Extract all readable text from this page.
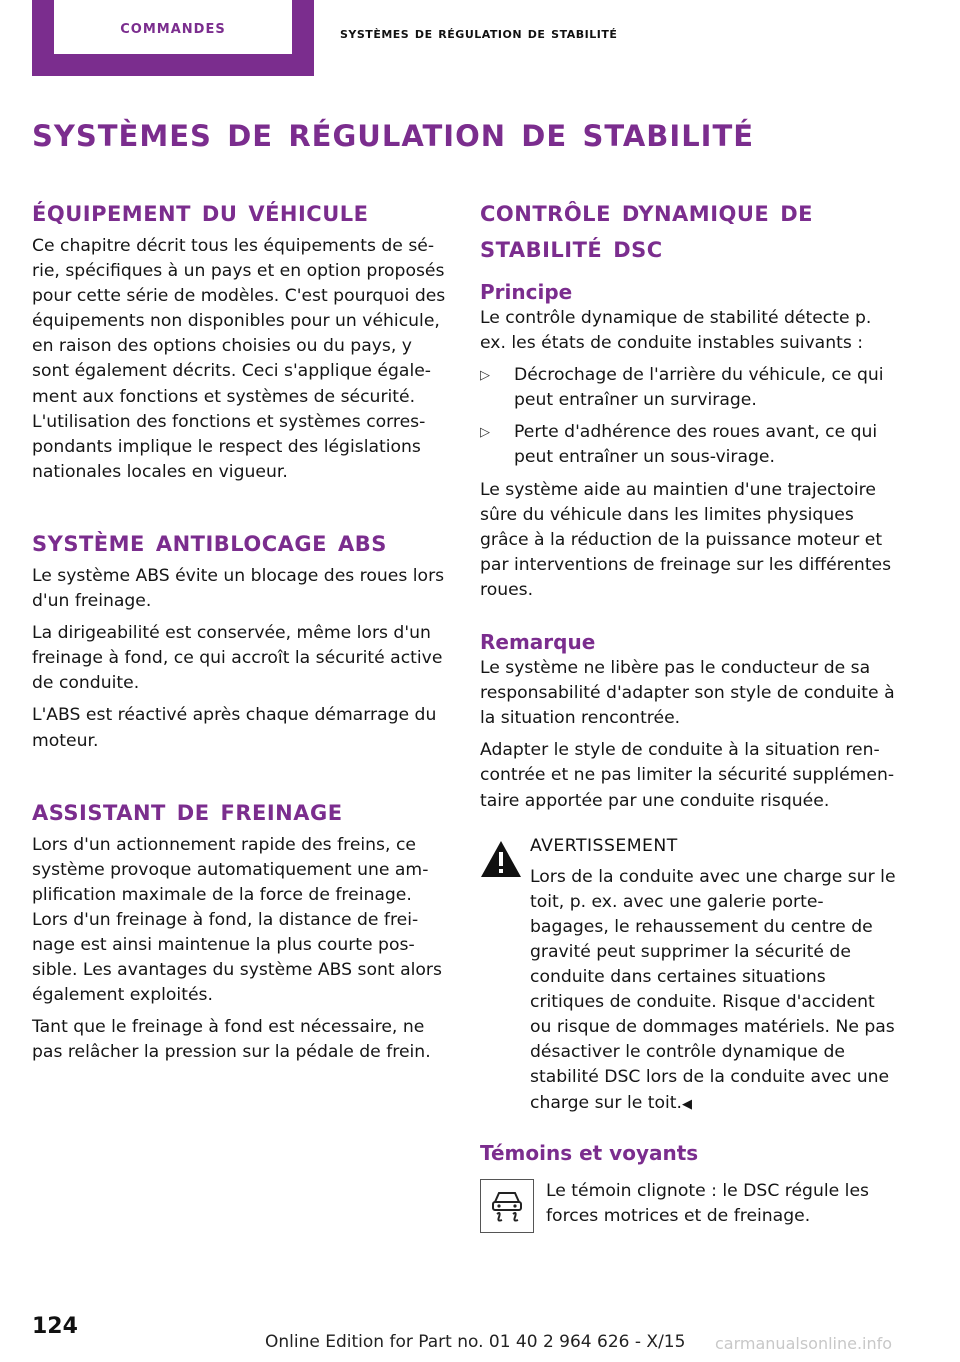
commandes	systèmes de régulation de stabilité
systèmes de régulation de stabilité
équipement du véhicule

Ce chapitre décrit tous les équipements de série, spécifiques à un pays et en option proposés pour cette série de modèles. C'est pourquoi des équipements non disponibles pour un véhicule, en raison des options choisies ou du pays, y sont également décrits. Ceci s'applique également aux fonctions et systèmes de sécurité. L'utilisation des fonctions et systèmes correspondants implique le respect des législations nationales locales en vigueur.

système antiblocage abs

Le système ABS évite un blocage des roues lors d'un freinage.

La dirigeabilité est conservée, même lors d'un freinage à fond, ce qui accroît la sécurité active de conduite.

L'ABS est réactivé après chaque démarrage du moteur.

assistant de freinage

Lors d'un actionnement rapide des freins, ce système provoque automatiquement une amplification maximale de la force de freinage. Lors d'un freinage à fond, la distance de freinage est ainsi maintenue la plus courte possible. Les avantages du système ABS sont alors également exploités.

Tant que le freinage à fond est nécessaire, ne pas relâcher la pression sur la pédale de frein.

contrôle dynamique de stabilité dsc
Principe

Le contrôle dynamique de stabilité détecte p. ex. les états de conduite instables suivants :

▷	Décrochage de l'arrière du véhicule, ce qui peut entraîner un survirage.
▷	Perte d'adhérence des roues avant, ce qui peut entraîner un sous-virage.

Le système aide au maintien d'une trajectoire sûre du véhicule dans les limites physiques grâce à la réduction de la puissance moteur et par interventions de freinage sur les différentes roues.

Remarque

Le système ne libère pas le conducteur de sa responsabilité d'adapter son style de conduite à la situation rencontrée.

Adapter le style de conduite à la situation rencontrée et ne pas limiter la sécurité supplémentaire apportée par une conduite risquée.

AVERTISSEMENT

Lors de la conduite avec une charge sur le toit, p. ex. avec une galerie porte-bagages, le rehaussement du centre de gravité peut supprimer la sécurité de conduite dans certaines situations critiques de conduite. Risque d'accident ou risque de dommages matériels. Ne pas désactiver le contrôle dynamique de stabilité DSC lors de la conduite avec une charge sur le toit.◀

Témoins et voyants

Le témoin clignote : le DSC régule les forces motrices et de freinage.

124
Online Edition for Part no. 01 40 2 964 626 - X/15 carmanualsonline.info
